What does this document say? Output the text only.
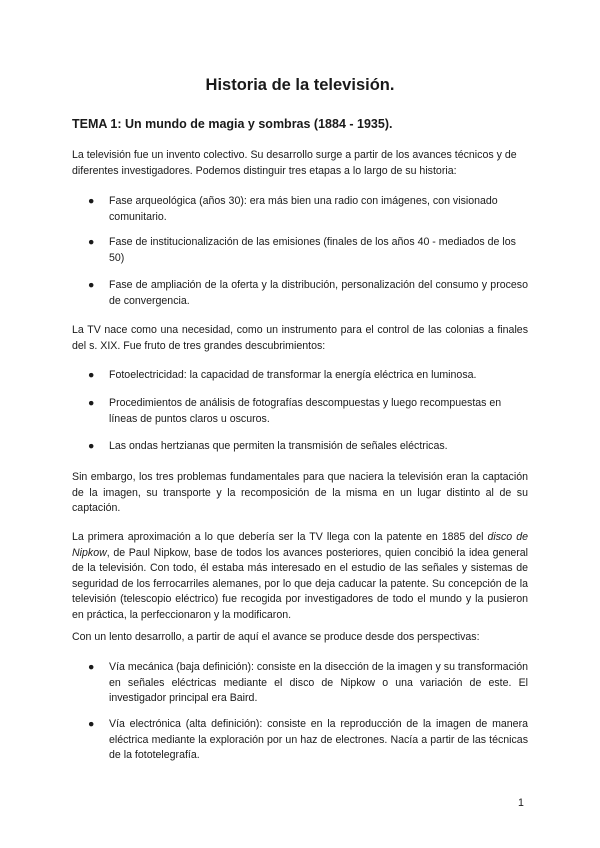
Historia de la televisión.
TEMA 1: Un mundo de magia y sombras (1884 - 1935).

La televisión fue un invento colectivo. Su desarrollo surge a partir de los avances técnicos y de diferentes investigadores. Podemos distinguir tres etapas a lo largo de su historia:

●	Fase arqueológica (años 30): era más bien una radio con imágenes, con visionado comunitario.
●	Fase de institucionalización de las emisiones (finales de los años 40 - mediados de los 50)
●	Fase de ampliación de la oferta y la distribución, personalización del consumo y proceso de convergencia.

La TV nace como una necesidad, como un instrumento para el control de las colonias a finales del s. XIX. Fue fruto de tres grandes descubrimientos:

●	Fotoelectricidad: la capacidad de transformar la energía eléctrica en luminosa.
●	Procedimientos de análisis de fotografías descompuestas y luego recompuestas en líneas de puntos claros u oscuros.
●	Las ondas hertzianas que permiten la transmisión de señales eléctricas.

Sin embargo, los tres problemas fundamentales para que naciera la televisión eran la captación de la imagen, su transporte y la recomposición de la misma en un lugar distinto al de su captación.

La primera aproximación a lo que debería ser la TV llega con la patente en 1885 del disco de Nipkow, de Paul Nipkow, base de todos los avances posteriores, quien concibió la idea general de la televisión. Con todo, él estaba más interesado en el estudio de las señales y sistemas de seguridad de los ferrocarriles alemanes, por lo que deja caducar la patente. Su concepción de la televisión (telescopio eléctrico) fue recogida por investigadores de todo el mundo y la pusieron en práctica, la perfeccionaron y la modificaron.

Con un lento desarrollo, a partir de aquí el avance se produce desde dos perspectivas:

●	Vía mecánica (baja definición): consiste en la disección de la imagen y su transformación en señales eléctricas mediante el disco de Nipkow o una variación de este. El investigador principal era Baird.
●	Vía electrónica (alta definición): consiste en la reproducción de la imagen de manera eléctrica mediante la exploración por un haz de electrones. Nacía a partir de las técnicas de la fototelegrafía.
1
